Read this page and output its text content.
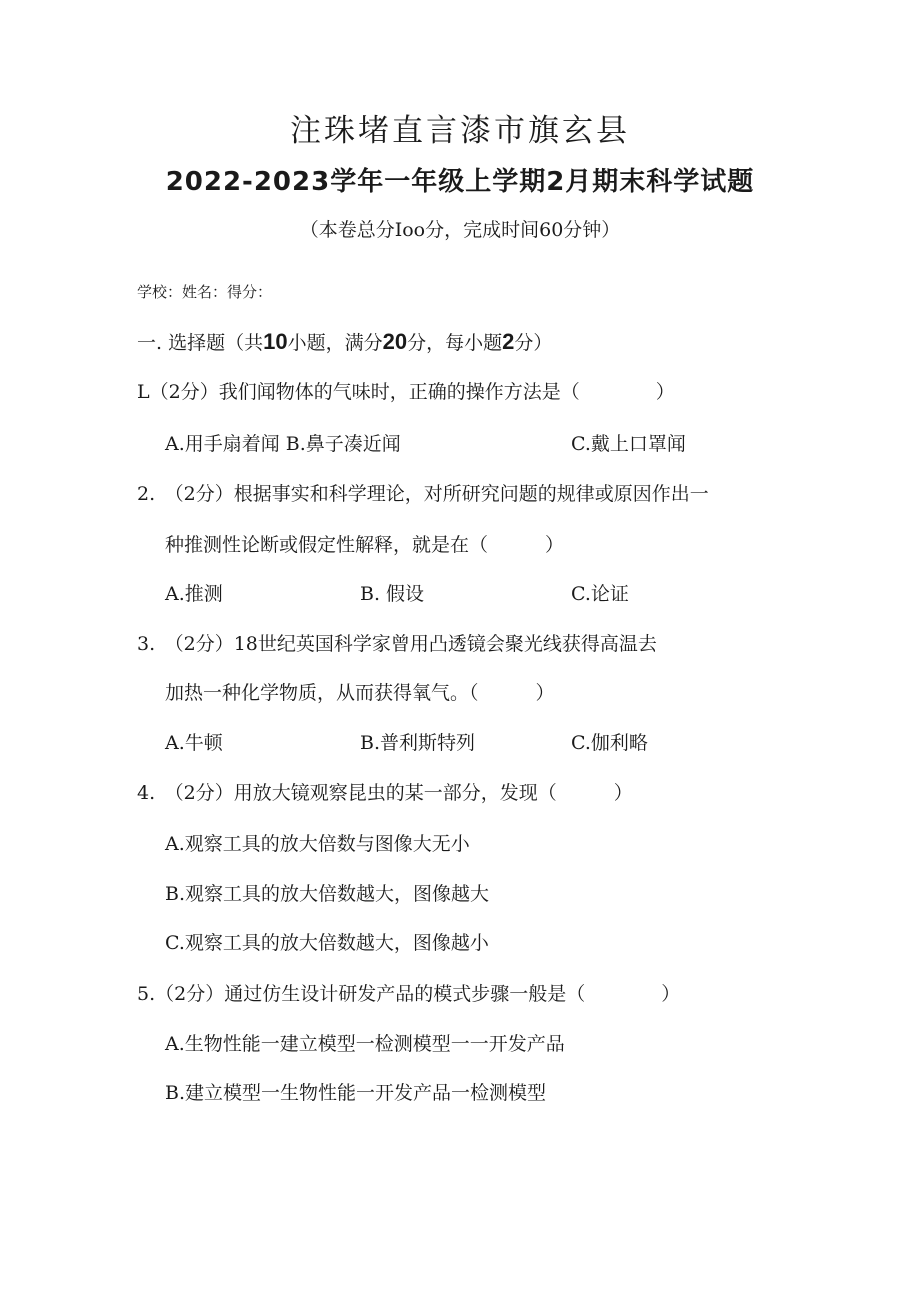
注珠堵直言漆市旗玄县
2022-2023学年一年级上学期2月期末科学试题
（本卷总分Ioo分，完成时间60分钟）
学校：姓名：得分：
一. 选择题（共10小题，满分20分，每小题2分）
L（2分）我们闻物体的气味时，正确的操作方法是（　　　　）
A.用手扇着闻 B.鼻子凑近闻	C.戴上口罩闻
2.　（2分）根据事实和科学理论，对所研究问题的规律或原因作出一
种推测性论断或假定性解释，就是在（　　　）
A.推测	B. 假设	C.论证
3.　（2分）18世纪英国科学家曾用凸透镜会聚光线获得高温去
加热一种化学物质，从而获得氧气。（　　　）
A.牛顿	B.普利斯特列	C.伽利略
4.　（2分）用放大镜观察昆虫的某一部分，发现（　　　）
A.观察工具的放大倍数与图像大无小
B.观察工具的放大倍数越大，图像越大
C.观察工具的放大倍数越大，图像越小
5.（2分）通过仿生设计研发产品的模式步骤一般是（　　　　）
A.生物性能一建立模型一检测模型一一开发产品
B.建立模型一生物性能一开发产品一检测模型
